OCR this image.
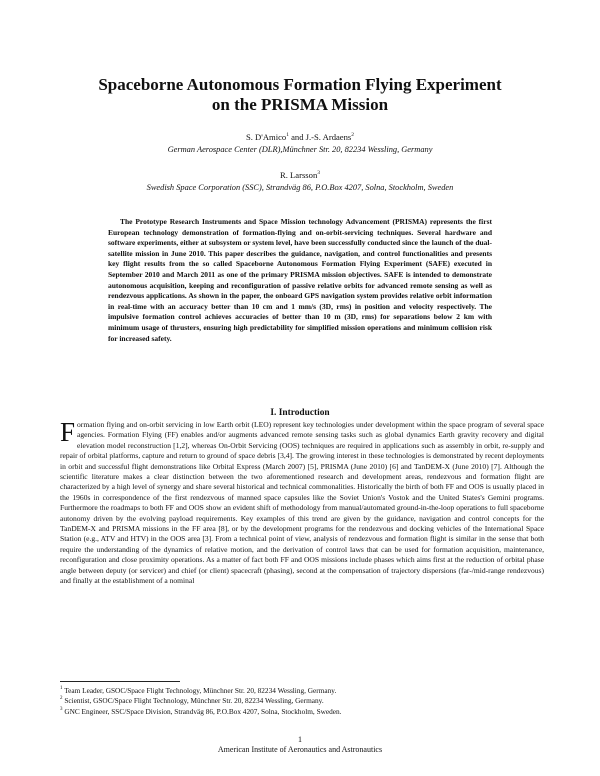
Spaceborne Autonomous Formation Flying Experiment
on the PRISMA Mission
S. D'Amico$^1$ and J.-S. Ardaens$^2$
German Aerospace Center (DLR),Münchner Str. 20, 82234 Wessling, Germany
R. Larsson$^3$
Swedish Space Corporation (SSC), Strandväg 86, P.O.Box 4207, Solna, Stockholm, Sweden
The Prototype Research Instruments and Space Mission technology Advancement (PRISMA) represents the first European technology demonstration of formation-flying and on-orbit-servicing techniques. Several hardware and software experiments, either at subsystem or system level, have been successfully conducted since the launch of the dual-satellite mission in June 2010. This paper describes the guidance, navigation, and control functionalities and presents key flight results from the so called Spaceborne Autonomous Formation Flying Experiment (SAFE) executed in September 2010 and March 2011 as one of the primary PRISMA mission objectives. SAFE is intended to demonstrate autonomous acquisition, keeping and reconfiguration of passive relative orbits for advanced remote sensing as well as rendezvous applications. As shown in the paper, the onboard GPS navigation system provides relative orbit information in real-time with an accuracy better than 10 cm and 1 mm/s (3D, rms) in position and velocity respectively. The impulsive formation control achieves accuracies of better than 10 m (3D, rms) for separations below 2 km with minimum usage of thrusters, ensuring high predictability for simplified mission operations and minimum collision risk for increased safety.
I. Introduction
Formation flying and on-orbit servicing in low Earth orbit (LEO) represent key technologies under development within the space program of several space agencies. Formation Flying (FF) enables and/or augments advanced remote sensing tasks such as global dynamics Earth gravity recovery and digital elevation model reconstruction [1,2], whereas On-Orbit Servicing (OOS) techniques are required in applications such as assembly in orbit, re-supply and repair of orbital platforms, capture and return to ground of space debris [3,4]. The growing interest in these technologies is demonstrated by recent deployments in orbit and successful flight demonstrations like Orbital Express (March 2007) [5], PRISMA (June 2010) [6] and TanDEM-X (June 2010) [7]. Although the scientific literature makes a clear distinction between the two aforementioned research and development areas, rendezvous and formation flight are characterized by a high level of synergy and share several historical and technical commonalities. Historically the birth of both FF and OOS is usually placed in the 1960s in correspondence of the first rendezvous of manned space capsules like the Soviet Union's Vostok and the United States's Gemini programs. Furthermore the roadmaps to both FF and OOS show an evident shift of methodology from manual/automated ground-in-the-loop operations to full spaceborne autonomy driven by the evolving payload requirements. Key examples of this trend are given by the guidance, navigation and control concepts for the TanDEM-X and PRISMA missions in the FF area [8], or by the development programs for the rendezvous and docking vehicles of the International Space Station (e.g., ATV and HTV) in the OOS area [3]. From a technical point of view, analysis of rendezvous and formation flight is similar in the sense that both require the understanding of the dynamics of relative motion, and the derivation of control laws that can be used for formation acquisition, maintenance, reconfiguration and close proximity operations. As a matter of fact both FF and OOS missions include phases which aims first at the reduction of orbital phase angle between deputy (or servicer) and chief (or client) spacecraft (phasing), second at the compensation of trajectory dispersions (far-/mid-range rendezvous) and finally at the establishment of a nominal
$^1$ Team Leader, GSOC/Space Flight Technology, Münchner Str. 20, 82234 Wessling, Germany.
$^2$ Scientist, GSOC/Space Flight Technology, Münchner Str. 20, 82234 Wessling, Germany.
$^3$ GNC Engineer, SSC/Space Division, Strandväg 86, P.O.Box 4207, Solna, Stockholm, Sweden.
1
American Institute of Aeronautics and Astronautics
